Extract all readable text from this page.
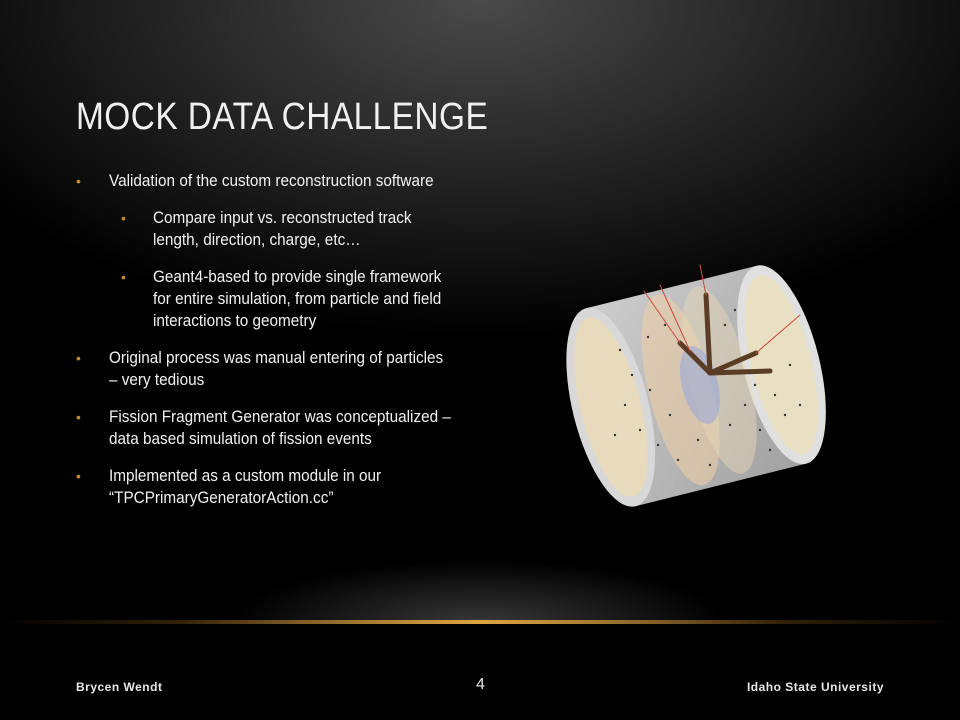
MOCK DATA CHALLENGE
• Validation of the custom reconstruction software
• Compare input vs. reconstructed track length, direction, charge, etc…
• Geant4-based to provide single framework for entire simulation, from particle and field interactions to geometry
• Original process was manual entering of particles – very tedious
• Fission Fragment Generator was conceptualized – data based simulation of fission events
• Implemented as a custom module in our “TPCPrimaryGeneratorAction.cc”
Brycen Wendt	4	Idaho State University
